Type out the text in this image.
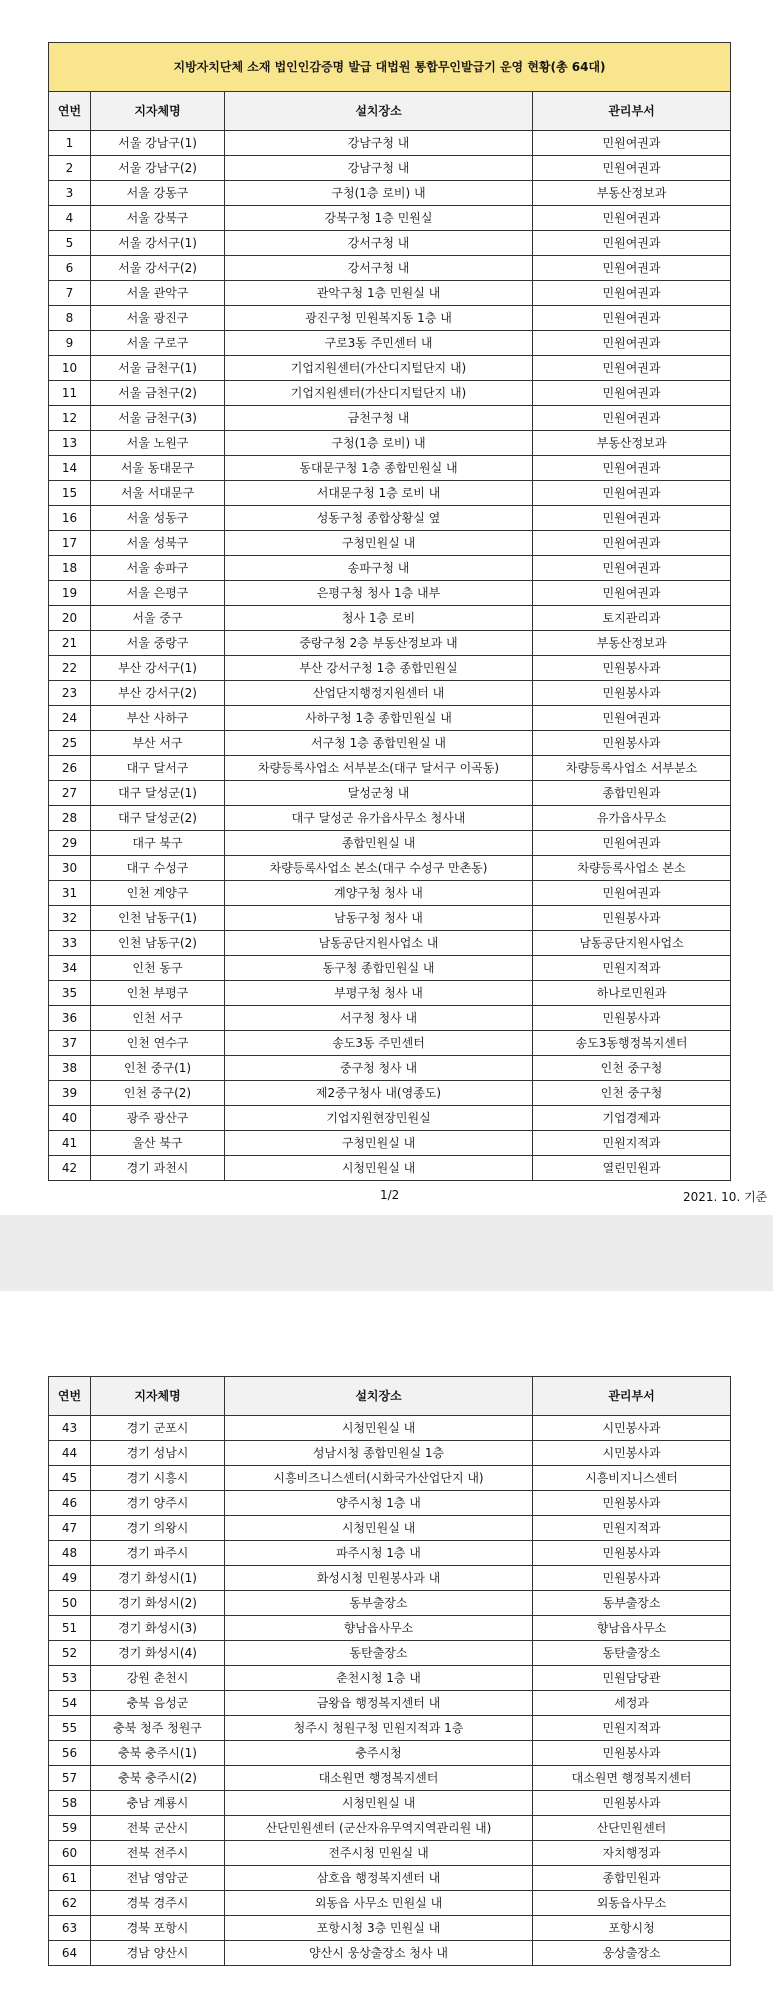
지방자치단체 소재 법인인감증명 발급 대법원 통합무인발급기 운영 현황(총 64대)			
연번	지자체명	설치장소	관리부서
1	서울 강남구(1)	강남구청 내	민원여권과
2	서울 강남구(2)	강남구청 내	민원여권과
3	서울 강동구	구청(1층 로비) 내	부동산정보과
4	서울 강북구	강북구청 1층 민원실	민원여권과
5	서울 강서구(1)	강서구청 내	민원여권과
6	서울 강서구(2)	강서구청 내	민원여권과
7	서울 관악구	관악구청 1층 민원실 내	민원여권과
8	서울 광진구	광진구청 민원복지동 1층 내	민원여권과
9	서울 구로구	구로3동 주민센터 내	민원여권과
10	서울 금천구(1)	기업지원센터(가산디지털단지 내)	민원여권과
11	서울 금천구(2)	기업지원센터(가산디지털단지 내)	민원여권과
12	서울 금천구(3)	금천구청 내	민원여권과
13	서울 노원구	구청(1층 로비) 내	부동산정보과
14	서울 동대문구	동대문구청 1층 종합민원실 내	민원여권과
15	서울 서대문구	서대문구청 1층 로비 내	민원여권과
16	서울 성동구	성동구청 종합상황실 옆	민원여권과
17	서울 성북구	구청민원실 내	민원여권과
18	서울 송파구	송파구청 내	민원여권과
19	서울 은평구	은평구청 청사 1층 내부	민원여권과
20	서울 중구	청사 1층 로비	토지관리과
21	서울 중랑구	중랑구청 2층 부동산정보과 내	부동산정보과
22	부산 강서구(1)	부산 강서구청 1층 종합민원실	민원봉사과
23	부산 강서구(2)	산업단지행정지원센터 내	민원봉사과
24	부산 사하구	사하구청 1층 종합민원실 내	민원여권과
25	부산 서구	서구청 1층 종합민원실 내	민원봉사과
26	대구 달서구	차량등록사업소 서부분소(대구 달서구 이곡동)	차량등록사업소 서부분소
27	대구 달성군(1)	달성군청 내	종합민원과
28	대구 달성군(2)	대구 달성군 유가읍사무소 청사내	유가읍사무소
29	대구 북구	종합민원실 내	민원여권과
30	대구 수성구	차량등록사업소 본소(대구 수성구 만촌동)	차량등록사업소 본소
31	인천 계양구	계양구청 청사 내	민원여권과
32	인천 남동구(1)	남동구청 청사 내	민원봉사과
33	인천 남동구(2)	남동공단지원사업소 내	남동공단지원사업소
34	인천 동구	동구청 종합민원실 내	민원지적과
35	인천 부평구	부평구청 청사 내	하나로민원과
36	인천 서구	서구청 청사 내	민원봉사과
37	인천 연수구	송도3동 주민센터	송도3동행정복지센터
38	인천 중구(1)	중구청 청사 내	인천 중구청
39	인천 중구(2)	제2중구청사 내(영종도)	인천 중구청
40	광주 광산구	기업지원현장민원실	기업경제과
41	울산 북구	구청민원실 내	민원지적과
42	경기 과천시	시청민원실 내	열린민원과
1/2	2021. 10. 기준
연번	지자체명	설치장소	관리부서
43	경기 군포시	시청민원실 내	시민봉사과
44	경기 성남시	성남시청 종합민원실 1층	시민봉사과
45	경기 시흥시	시흥비즈니스센터(시화국가산업단지 내)	시흥비지니스센터
46	경기 양주시	양주시청 1층 내	민원봉사과
47	경기 의왕시	시청민원실 내	민원지적과
48	경기 파주시	파주시청 1층 내	민원봉사과
49	경기 화성시(1)	화성시청 민원봉사과 내	민원봉사과
50	경기 화성시(2)	동부출장소	동부출장소
51	경기 화성시(3)	향남읍사무소	향남읍사무소
52	경기 화성시(4)	동탄출장소	동탄출장소
53	강원 춘천시	춘천시청 1층 내	민원담당관
54	충북 음성군	금왕읍 행정복지센터 내	세정과
55	충북 청주 청원구	청주시 청원구청 민원지적과 1층	민원지적과
56	충북 충주시(1)	충주시청	민원봉사과
57	충북 충주시(2)	대소원면 행정복지센터	대소원면 행정복지센터
58	충남 계룡시	시청민원실 내	민원봉사과
59	전북 군산시	산단민원센터 (군산자유무역지역관리원 내)	산단민원센터
60	전북 전주시	전주시청 민원실 내	자치행정과
61	전남 영암군	삼호읍 행정복지센터 내	종합민원과
62	경북 경주시	외동읍 사무소 민원실 내	외동읍사무소
63	경북 포항시	포항시청 3층 민원실 내	포항시청
64	경남 양산시	양산시 웅상출장소 청사 내	웅상출장소
